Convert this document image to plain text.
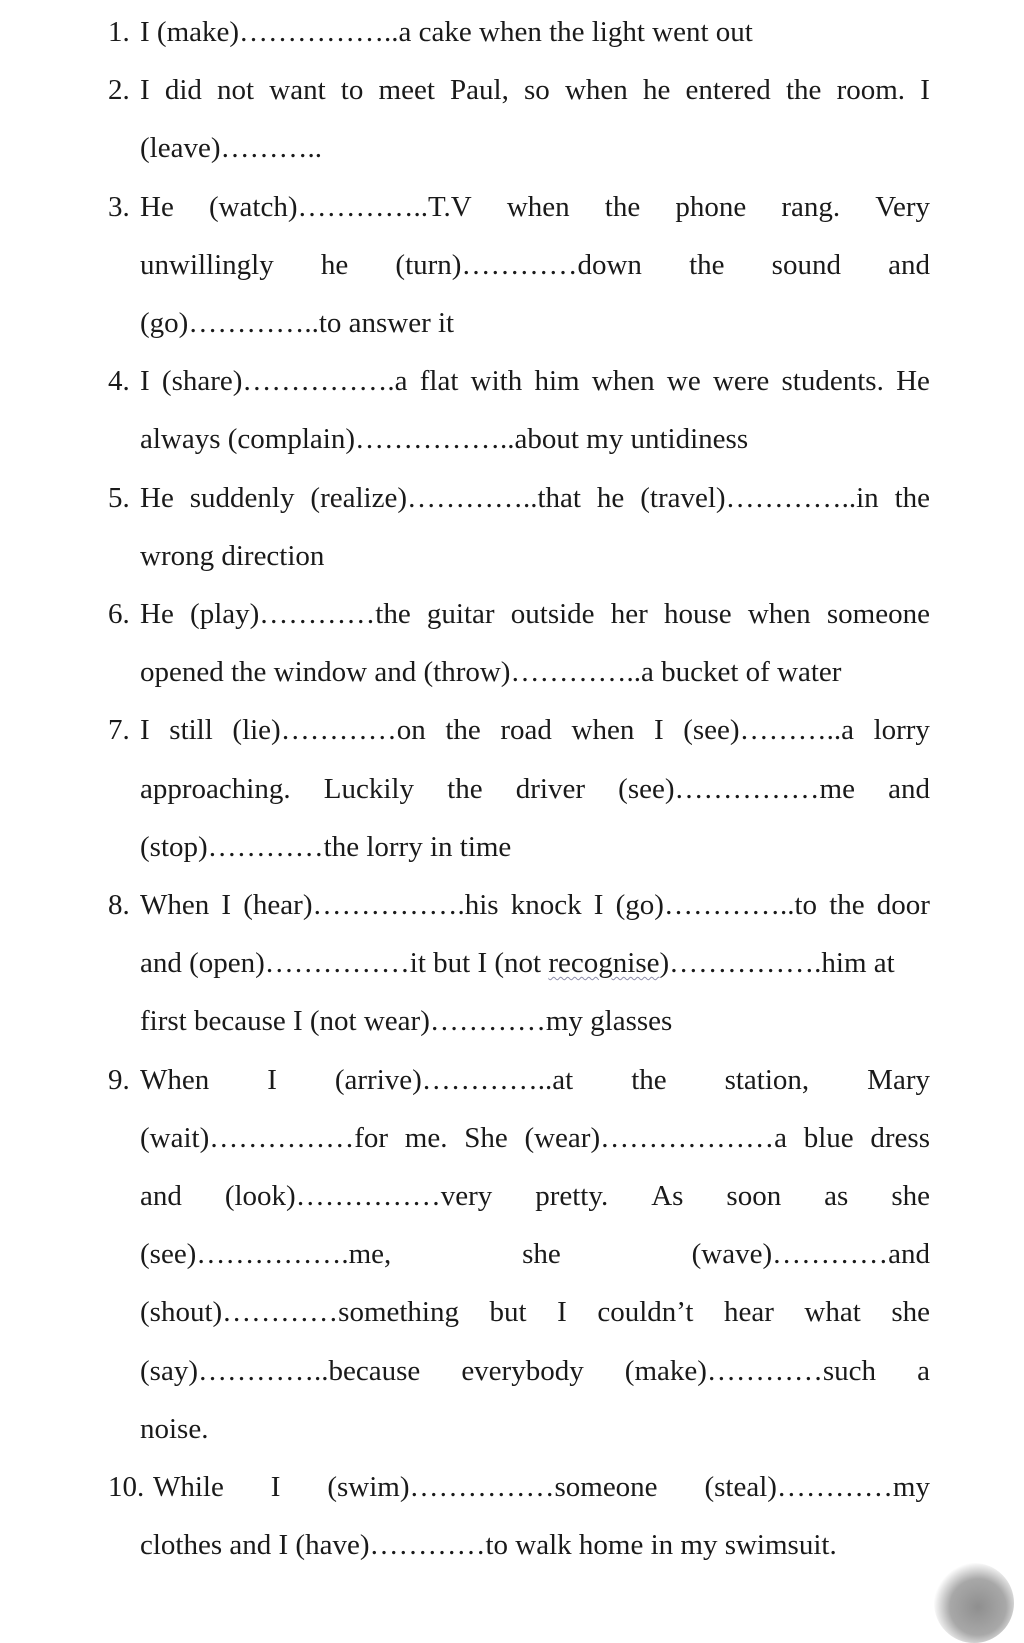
1. I (make)……………..a cake when the light went out
2. I did not want to meet Paul, so when he entered the room. I
(leave)………..
3. He (watch)…………..T.V when the phone rang. Very
unwillingly he (turn)…………down the sound and
(go)…………..to answer it
4. I (share)…………….a flat with him when we were students. He
always (complain)……………..about my untidiness
5. He suddenly (realize)…………..that he (travel)…………..in the
wrong direction
6. He (play)…………the guitar outside her house when someone
opened the window and (throw)…………..a bucket of water
7. I still (lie)…………on the road when I (see)………..a lorry
approaching. Luckily the driver (see)……………me and
(stop)…………the lorry in time
8. When I (hear)…………….his knock I (go)…………..to the door
and (open)……………it but I (not recognise)…………….him at
first because I (not wear)…………my glasses
9. When I (arrive)…………..at the station, Mary
(wait)……………for me. She (wear)………………a blue dress
and (look)……………very pretty. As soon as she
(see)…………….me,	she	(wave)…………and
(shout)…………something but I couldn’t hear what she
(say)…………..because everybody (make)…………such a
noise.
10. While I (swim)……………someone (steal)…………my
clothes and I (have)…………to walk home in my swimsuit.
